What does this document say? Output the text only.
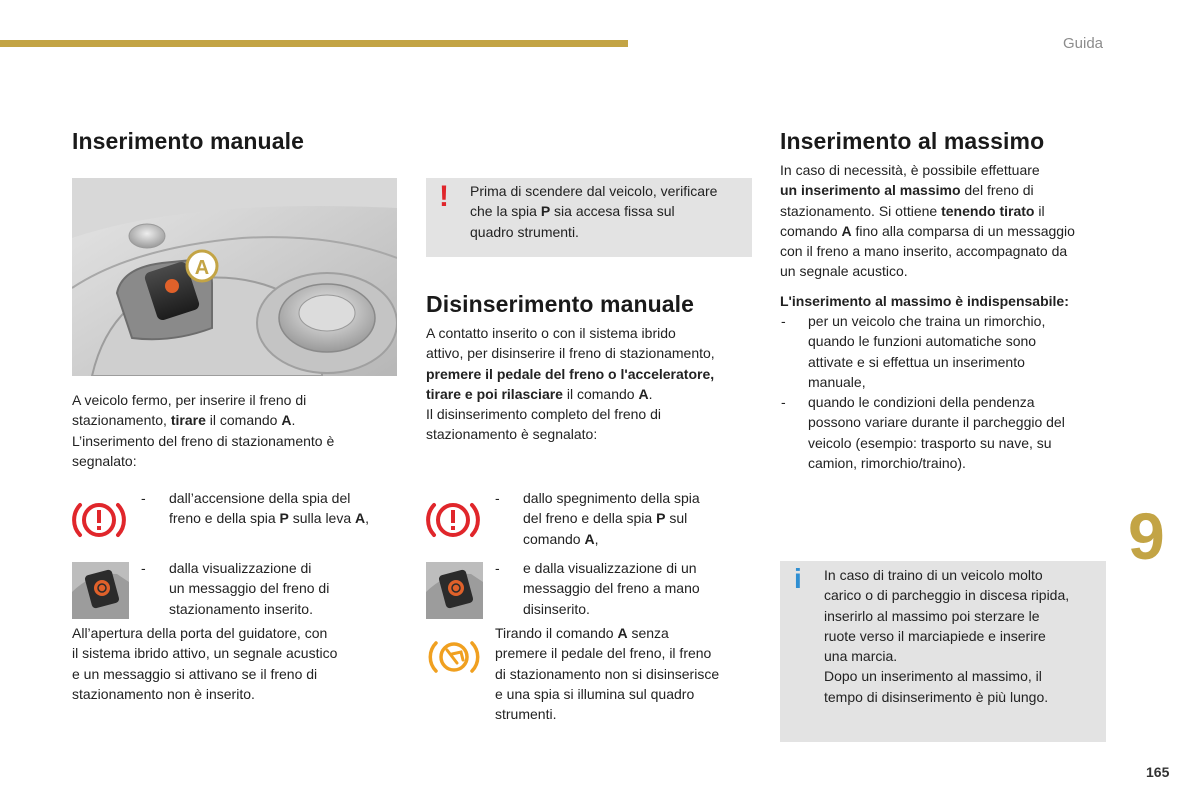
Guida
Inserimento manuale
A
A veicolo fermo, per inserire il freno di
stazionamento, tirare il comando A.
L’inserimento del freno di stazionamento è
segnalato:
- dall’accensione della spia del
freno e della spia P sulla leva A,
- dalla visualizzazione di
un messaggio del freno di
stazionamento inserito.
All’apertura della porta del guidatore, con
il sistema ibrido attivo, un segnale acustico
e un messaggio si attivano se il freno di
stazionamento non è inserito.
! Prima di scendere dal veicolo, verificare
che la spia P sia accesa fissa sul
quadro strumenti.
Disinserimento manuale
A contatto inserito o con il sistema ibrido
attivo, per disinserire il freno di stazionamento,
premere il pedale del freno o l'acceleratore,
tirare e poi rilasciare il comando A.
Il disinserimento completo del freno di
stazionamento è segnalato:
- dallo spegnimento della spia
del freno e della spia P sul
comando A,
- e dalla visualizzazione di un
messaggio del freno a mano
disinserito.
Tirando il comando A senza
premere il pedale del freno, il freno
di stazionamento non si disinserisce
e una spia si illumina sul quadro
strumenti.
Inserimento al massimo
In caso di necessità, è possibile effettuare
un inserimento al massimo del freno di
stazionamento. Si ottiene tenendo tirato il
comando A fino alla comparsa di un messaggio
con il freno a mano inserito, accompagnato da
un segnale acustico.
L'inserimento al massimo è indispensabile:
- per un veicolo che traina un rimorchio,
quando le funzioni automatiche sono
attivate e si effettua un inserimento
manuale,
- quando le condizioni della pendenza
possono variare durante il parcheggio del
veicolo (esempio: trasporto su nave, su
camion, rimorchio/traino).
9
i In caso di traino di un veicolo molto
carico o di parcheggio in discesa ripida,
inserirlo al massimo poi sterzare le
ruote verso il marciapiede e inserire
una marcia.
Dopo un inserimento al massimo, il
tempo di disinserimento è più lungo.
165
